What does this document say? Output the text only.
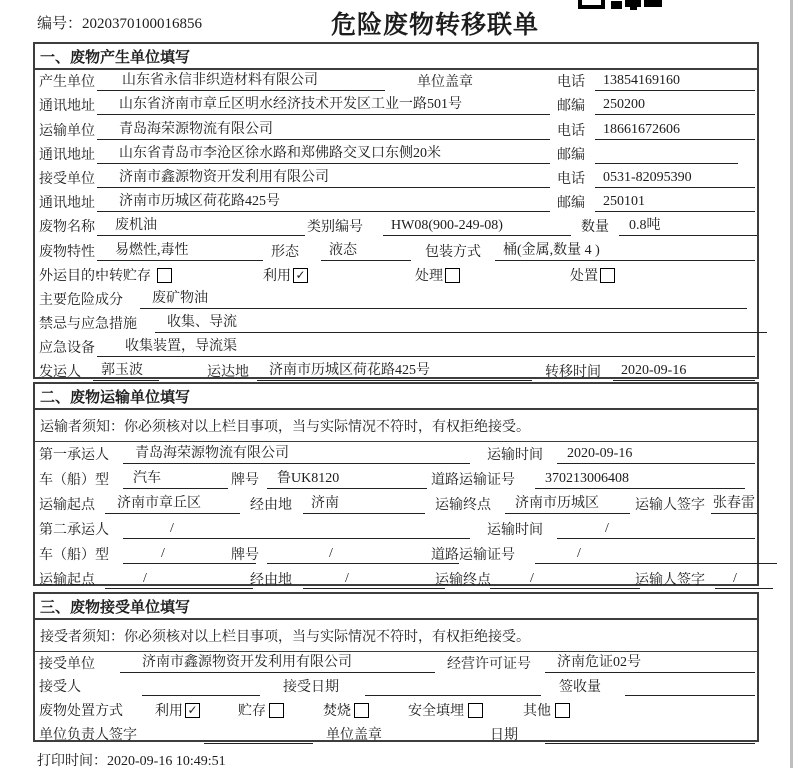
编号：2020370100016856	危险废物转移联单
一、废物产生单位填写
产生单位	山东省永信非织造材料有限公司	单位盖章	电话	13854169160
通讯地址	山东省济南市章丘区明水经济技术开发区工业一路501号	邮编	250200
运输单位	青岛海荣源物流有限公司	电话	18661672606
通讯地址	山东省青岛市李沧区徐水路和郑佛路交叉口东侧20米	邮编
接受单位	济南市鑫源物资开发利用有限公司	电话	0531-82095390
通讯地址	济南市历城区荷花路425号	邮编	250101
废物名称	废机油	类别编号	HW08(900-249-08)	数量	0.8吨
废物特性	易燃性,毒性	形态	液态	包装方式	桶(金属,数量 4 )
外运目的：
中转贮存	利用 ✓	处理	处置
主要危险成分	废矿物油
禁忌与应急措施	收集、导流
应急设备	收集装置，导流渠
发运人	郭玉波	运达地	济南市历城区荷花路425号	转移时间	2020-09-16
二、废物运输单位填写
运输者须知：你必须核对以上栏目事项，当与实际情况不符时，有权拒绝接受。
第一承运人	青岛海荣源物流有限公司	运输时间	2020-09-16
车（船）型	汽车	牌号	鲁UK8120	道路运输证号	370213006408
运输起点	济南市章丘区	经由地	济南	运输终点	济南市历城区	运输人签字 张春雷
第二承运人	/	运输时间	/
车（船）型	/	牌号	/	道路运输证号	/
运输起点	/	经由地	/	运输终点	/	运输人签字	/
三、废物接受单位填写
接受者须知：你必须核对以上栏目事项，当与实际情况不符时，有权拒绝接受。
接受单位	济南市鑫源物资开发利用有限公司	经营许可证号	济南危证02号
接受人	接受日期	签收量
废物处置方式 利用 ✓	贮存	焚烧	安全填埋	其他
单位负责人签字	单位盖章	日期
打印时间：2020-09-16 10:49:51
